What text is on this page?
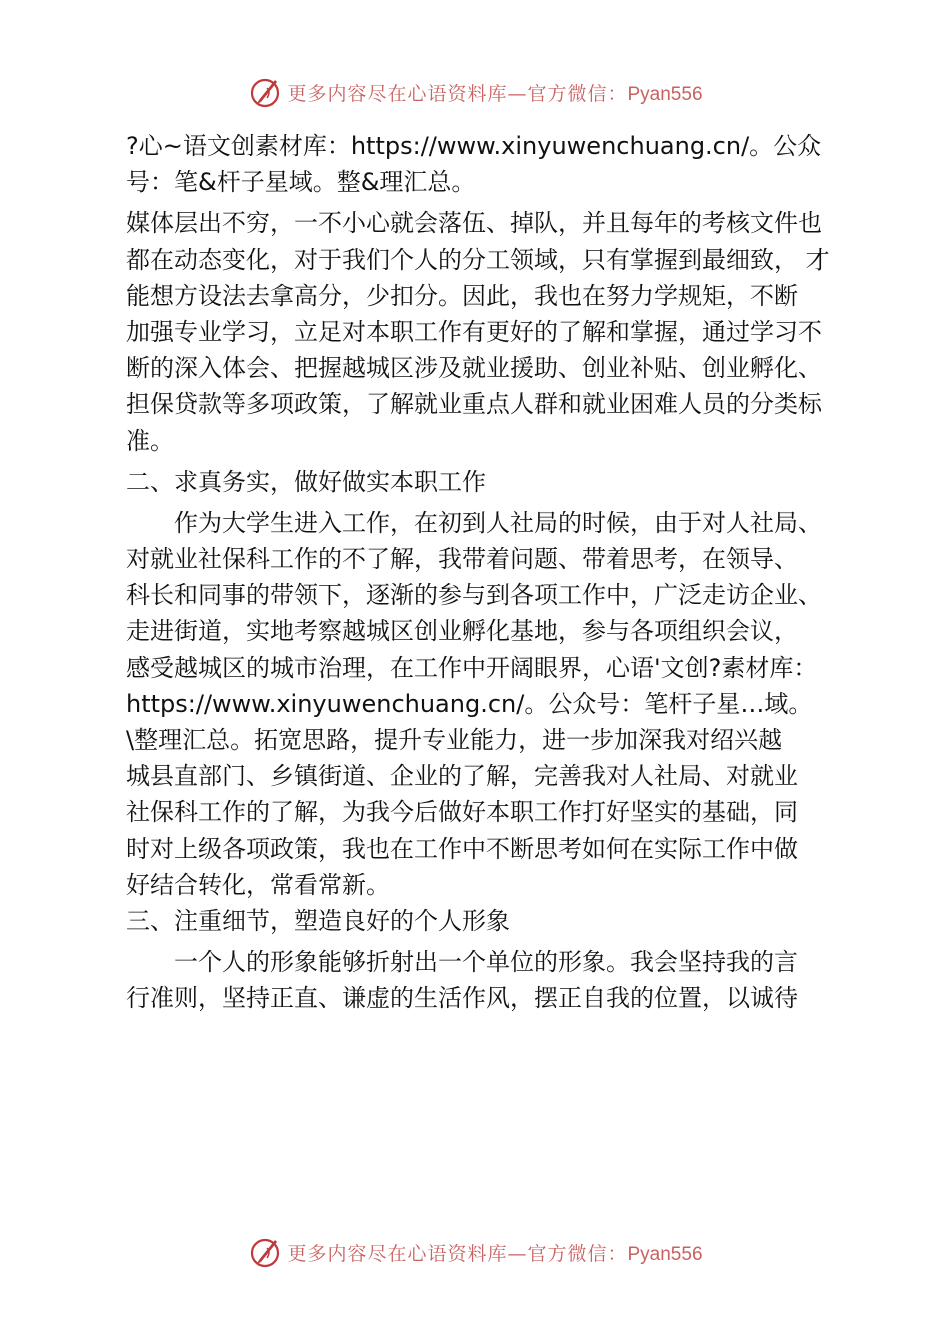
更多内容尽在心语资料库—官方微信：Pyan556
?心~语文创素材库：https://www.xinyuwenchuang.cn/。公众
号：笔&杆子星域。整&理汇总。
媒体层出不穷，一不小心就会落伍、掉队，并且每年的考核文件也
都在动态变化，对于我们个人的分工领域，只有掌握到最细致， 才
能想方设法去拿高分，少扣分。因此，我也在努力学规矩，不断
加强专业学习，立足对本职工作有更好的了解和掌握，通过学习不
断的深入体会、把握越城区涉及就业援助、创业补贴、创业孵化、
担保贷款等多项政策，了解就业重点人群和就业困难人员的分类标
准。
二、求真务实，做好做实本职工作
　　作为大学生进入工作，在初到人社局的时候，由于对人社局、
对就业社保科工作的不了解，我带着问题、带着思考，在领导、
科长和同事的带领下，逐渐的参与到各项工作中，广泛走访企业、
走进街道，实地考察越城区创业孵化基地，参与各项组织会议，
感受越城区的城市治理，在工作中开阔眼界，心语'文创?素材库：
https://www.xinyuwenchuang.cn/。公众号：笔杆子星…域。
\整理汇总。拓宽思路，提升专业能力，进一步加深我对绍兴越
城县直部门、乡镇街道、企业的了解，完善我对人社局、对就业
社保科工作的了解，为我今后做好本职工作打好坚实的基础，同
时对上级各项政策，我也在工作中不断思考如何在实际工作中做
好结合转化，常看常新。
三、注重细节，塑造良好的个人形象
　　一个人的形象能够折射出一个单位的形象。我会坚持我的言
行准则，坚持正直、谦虚的生活作风，摆正自我的位置，以诚待
更多内容尽在心语资料库—官方微信：Pyan556
